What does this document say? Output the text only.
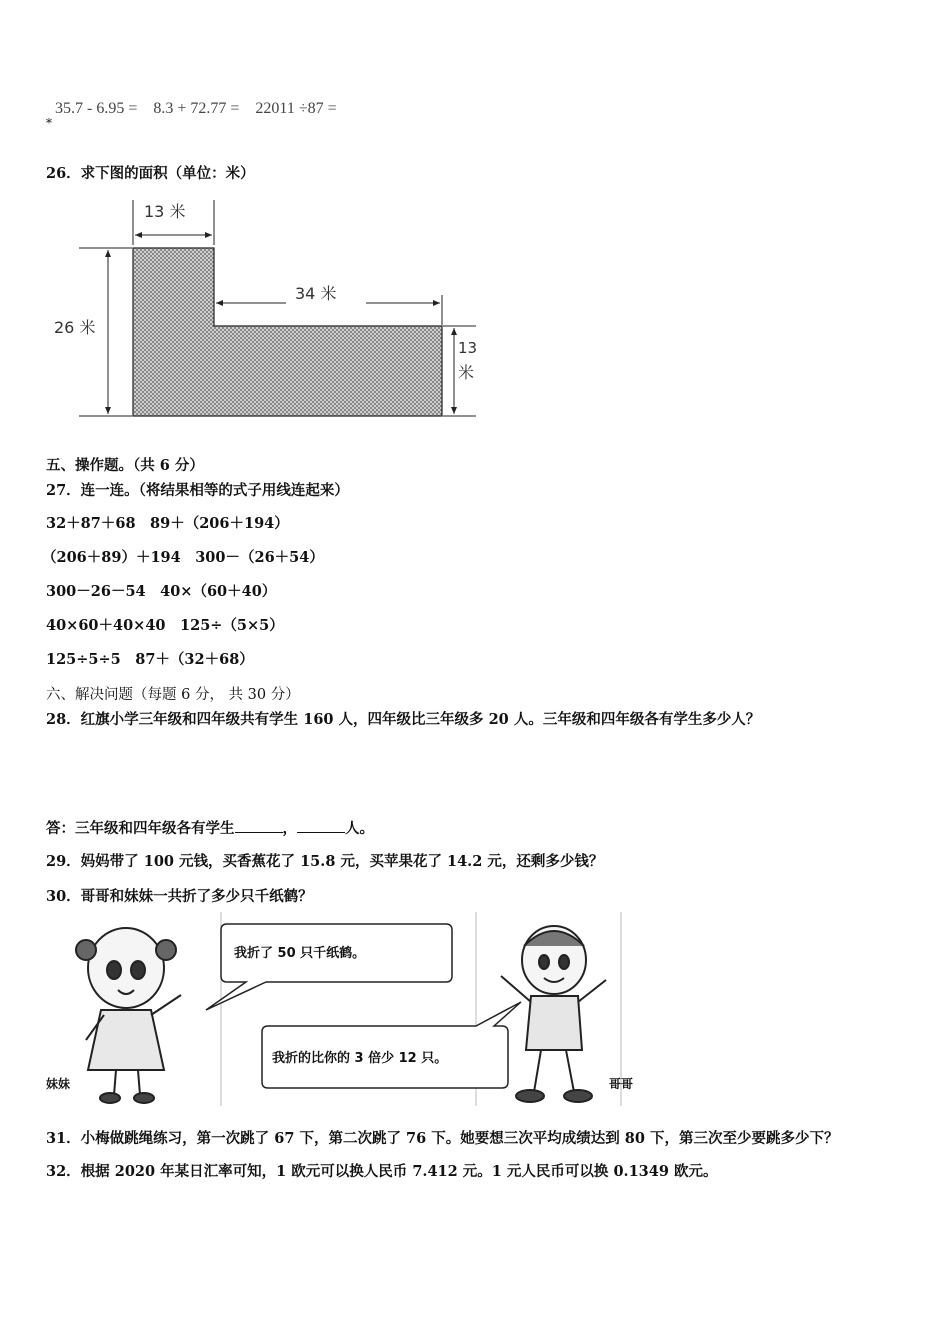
35.7 - 6.95 = 8.3 + 72.77 = 22011 ÷87 =
*
26．求下图的面积（单位：米）
13 米
34 米
26 米
13
米
五、操作题。（共 6 分）
27．连一连。（将结果相等的式子用线连起来）
32＋87＋68　89＋（206＋194）
（206＋89）＋194　300－（26＋54）
300－26－54　40×（60＋40）
40×60＋40×40　125÷（5×5）
125÷5÷5　87＋（32＋68）
六、解决问题（每题 6 分， 共 30 分）
28．红旗小学三年级和四年级共有学生 160 人，四年级比三年级多 20 人。三年级和四年级各有学生多少人？
答：三年级和四年级各有学生	，	人。
29．妈妈带了 100 元钱，买香蕉花了 15.8 元，买苹果花了 14.2 元，还剩多少钱？
30．哥哥和妹妹一共折了多少只千纸鹤？
我折了 50 只千纸鹤。
我折的比你的 3 倍少 12 只。
妹妹	哥哥
31．小梅做跳绳练习，第一次跳了 67 下，第二次跳了 76 下。她要想三次平均成绩达到 80 下，第三次至少要跳多少下？
32．根据 2020 年某日汇率可知，1 欧元可以换人民币 7.412 元。1 元人民币可以换 0.1349 欧元。
